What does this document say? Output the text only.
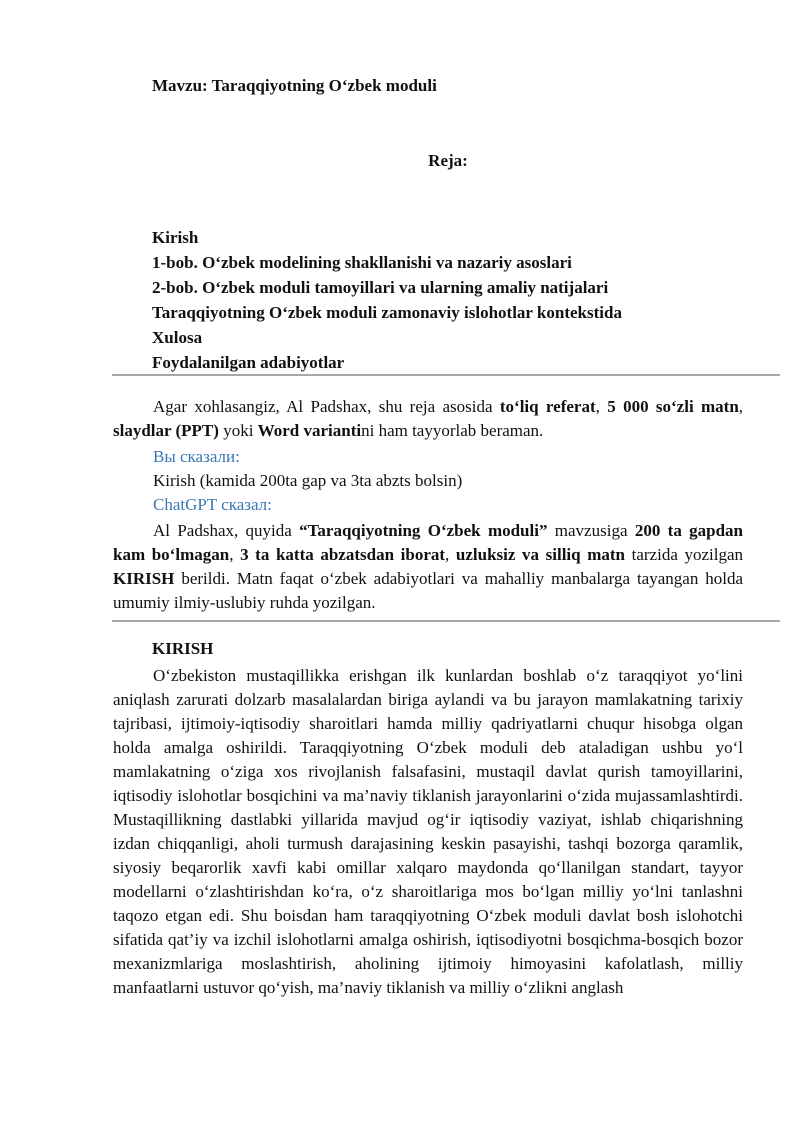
Mavzu: Taraqqiyotning O‘zbek moduli

Reja:

Kirish
1-bob. O‘zbek modelining shakllanishi va nazariy asoslari
2-bob. O‘zbek moduli tamoyillari va ularning amaliy natijalari
Taraqqiyotning O‘zbek moduli zamonaviy islohotlar kontekstida
Xulosa
Foydalanilgan adabiyotlar

Agar xohlasangiz, Al Padshax, shu reja asosida to‘liq referat, 5 000 so‘zli matn, slaydlar (PPT) yoki Word variantini ham tayyorlab beraman.

Вы сказали:

Kirish (kamida 200ta gap va 3ta abzts bolsin)

ChatGPT сказал:

Al Padshax, quyida “Taraqqiyotning O‘zbek moduli” mavzusiga 200 ta gapdan kam bo‘lmagan, 3 ta katta abzatsdan iborat, uzluksiz va silliq matn tarzida yozilgan KIRISH berildi. Matn faqat o‘zbek adabiyotlari va mahalliy manbalarga tayangan holda umumiy ilmiy-uslubiy ruhda yozilgan.

KIRISH

O‘zbekiston mustaqillikka erishgan ilk kunlardan boshlab o‘z taraqqiyot yo‘lini aniqlash zarurati dolzarb masalalardan biriga aylandi va bu jarayon mamlakatning tarixiy tajribasi, ijtimoiy-iqtisodiy sharoitlari hamda milliy qadriyatlarni chuqur hisobga olgan holda amalga oshirildi. Taraqqiyotning O‘zbek moduli deb ataladigan ushbu yo‘l mamlakatning o‘ziga xos rivojlanish falsafasini, mustaqil davlat qurish tamoyillarini, iqtisodiy islohotlar bosqichini va ma’naviy tiklanish jarayonlarini o‘zida mujassamlashtirdi. Mustaqillikning dastlabki yillarida mavjud og‘ir iqtisodiy vaziyat, ishlab chiqarishning izdan chiqqanligi, aholi turmush darajasining keskin pasayishi, tashqi bozorga qaramlik, siyosiy beqarorlik xavfi kabi omillar xalqaro maydonda qo‘llanilgan standart, tayyor modellarni o‘zlashtirishdan ko‘ra, o‘z sharoitlariga mos bo‘lgan milliy yo‘lni tanlashni taqozo etgan edi. Shu boisdan ham taraqqiyotning O‘zbek moduli davlat bosh islohotchi sifatida qat’iy va izchil islohotlarni amalga oshirish, iqtisodiyotni bosqichma-bosqich bozor mexanizmlariga moslashtirish, aholining ijtimoiy himoyasini kafolatlash, milliy manfaatlarni ustuvor qo‘yish, ma’naviy tiklanish va milliy o‘zlikni anglash
